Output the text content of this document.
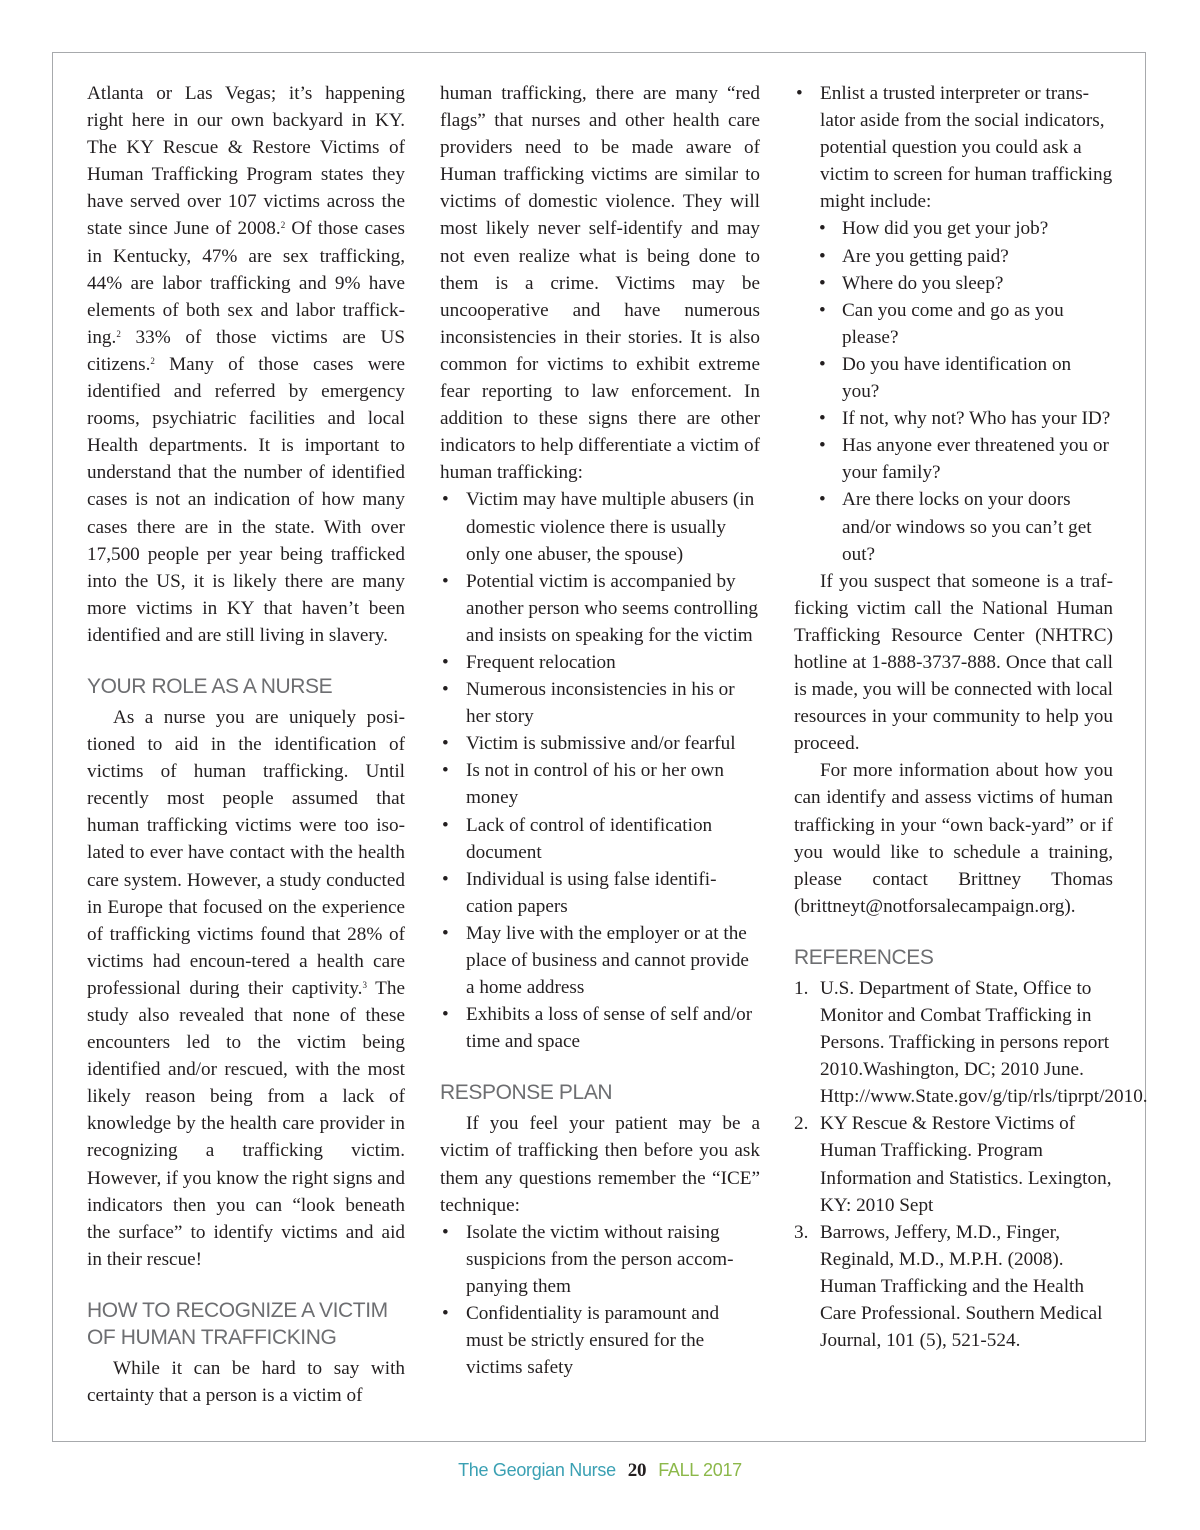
Atlanta or Las Vegas; it’s happening right here in our own backyard in KY. The KY Rescue & Restore Victims of Human Trafficking Program states they have served over 107 victims across the state since June of 2008.$^2$ Of those cases in Kentucky, 47% are sex trafficking, 44% are labor trafficking and 9% have elements of both sex and labor traffick-ing.$^2$ 33% of those victims are US citizens.$^2$ Many of those cases were identified and referred by emergency rooms, psychiatric facilities and local Health departments. It is important to understand that the number of identified cases is not an indication of how many cases there are in the state. With over 17,500 people per year being trafficked into the US, it is likely there are many more victims in KY that haven’t been identified and are still living in slavery.

YOUR ROLE AS A NURSE

As a nurse you are uniquely posi-tioned to aid in the identification of victims of human trafficking. Until recently most people assumed that human trafficking victims were too iso-lated to ever have contact with the health care system. However, a study conducted in Europe that focused on the experience of trafficking victims found that 28% of victims had encoun-tered a health care professional during their captivity.$^3$ The study also revealed that none of these encounters led to the victim being identified and/or rescued, with the most likely reason being from a lack of knowledge by the health care provider in recognizing a trafficking victim. However, if you know the right signs and indicators then you can “look beneath the surface” to identify victims and aid in their rescue!

HOW TO RECOGNIZE A VICTIM OF HUMAN TRAFFICKING

While it can be hard to say with certainty that a person is a victim of

human trafficking, there are many “red flags” that nurses and other health care providers need to be made aware of Human trafficking victims are similar to victims of domestic violence. They will most likely never self-identify and may not even realize what is being done to them is a crime. Victims may be uncooperative and have numerous inconsistencies in their stories. It is also common for victims to exhibit extreme fear reporting to law enforcement. In addition to these signs there are other indicators to help differentiate a victim of human trafficking:

• Victim may have multiple abusers (in domestic violence there is usually only one abuser, the spouse)
• Potential victim is accompanied by another person who seems controlling and insists on speaking for the victim
• Frequent relocation
• Numerous inconsistencies in his or her story
• Victim is submissive and/or fearful
• Is not in control of his or her own money
• Lack of control of identification document
• Individual is using false identifi-cation papers
• May live with the employer or at the place of business and cannot provide a home address
• Exhibits a loss of sense of self and/or time and space
RESPONSE PLAN

If you feel your patient may be a victim of trafficking then before you ask them any questions remember the “ICE” technique:

• Isolate the victim without raising suspicions from the person accom-panying them
• Confidentiality is paramount and must be strictly ensured for the victims safety
• Enlist a trusted interpreter or trans-lator aside from the social indicators, potential question you could ask a victim to screen for human trafficking might include:
• How did you get your job?
• Are you getting paid?
• Where do you sleep?
• Can you come and go as you please?
• Do you have identification on you?
• If not, why not? Who has your ID?
• Has anyone ever threatened you or your family?
• Are there locks on your doors and/or windows so you can’t get out?

If you suspect that someone is a traf-ficking victim call the National Human Trafficking Resource Center (NHTRC) hotline at 1-888-3737-888. Once that call is made, you will be connected with local resources in your community to help you proceed.

For more information about how you can identify and assess victims of human trafficking in your “own back-yard” or if you would like to schedule a training, please contact Brittney Thomas (brittneyt@notforsalecampaign.org).

REFERENCES
1. U.S. Department of State, Office to Monitor and Combat Trafficking in Persons. Trafficking in persons report 2010.Washington, DC; 2010 June. Http://www.State.gov/g/tip/rls/tiprpt/2010.
2. KY Rescue & Restore Victims of Human Trafficking. Program Information and Statistics. Lexington, KY: 2010 Sept
3. Barrows, Jeffery, M.D., Finger, Reginald, M.D., M.P.H. (2008). Human Trafficking and the Health Care Professional. Southern Medical Journal, 101 (5), 521-524.
The Georgian Nurse 20 FALL 2017
